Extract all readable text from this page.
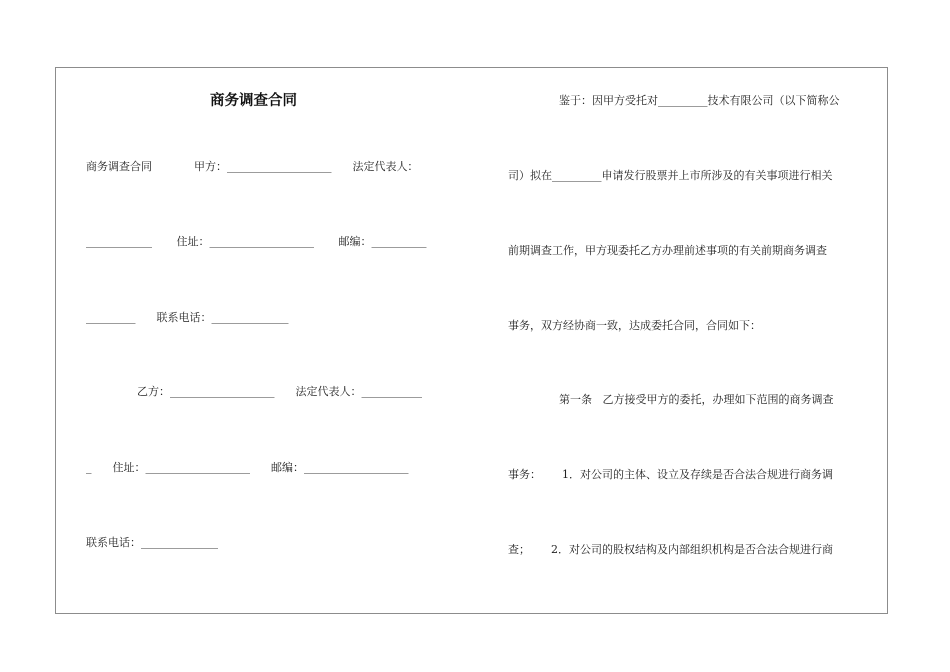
商务调查合同
商务调查合同            甲方：___________________      法定代表人：
____________       住址：___________________       邮编：__________
_________      联系电话：______________
乙方：___________________      法定代表人：___________
_      住址：___________________      邮编：___________________
联系电话：______________
鉴于：因甲方受托对_________技术有限公司（以下简称公
司）拟在_________申请发行股票并上市所涉及的有关事项进行相关
前期调查工作，甲方现委托乙方办理前述事项的有关前期商务调查
事务，双方经协商一致，达成委托合同，合同如下：
第一条   乙方接受甲方的委托，办理如下范围的商务调查
事务：      1．对公司的主体、设立及存续是否合法合规进行商务调
查；      2．对公司的股权结构及内部组织机构是否合法合规进行商
